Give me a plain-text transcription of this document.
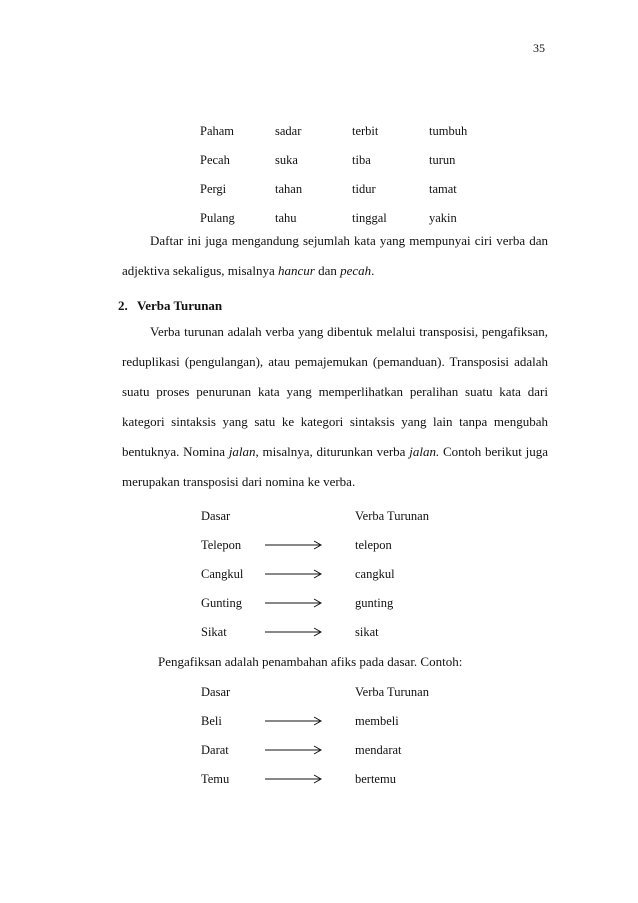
35
Paham	sadar	terbit	tumbuh
Pecah	suka	tiba	turun
Pergi	tahan	tidur	tamat
Pulang	tahu	tinggal	yakin

Daftar ini juga mengandung sejumlah kata yang mempunyai ciri verba dan adjektiva sekaligus, misalnya hancur dan pecah.

2. Verba Turunan

Verba turunan adalah verba yang dibentuk melalui transposisi, pengafiksan, reduplikasi (pengulangan), atau pemajemukan (pemanduan). Transposisi adalah suatu proses penurunan kata yang memperlihatkan peralihan suatu kata dari kategori sintaksis yang satu ke kategori sintaksis yang lain tanpa mengubah bentuknya. Nomina jalan, misalnya, diturunkan verba jalan. Contoh berikut juga merupakan transposisi dari nomina ke verba.

Dasar	Verba Turunan
Telepon	telepon
Cangkul	cangkul
Gunting	gunting
Sikat	sikat

Pengafiksan adalah penambahan afiks pada dasar. Contoh:

Dasar	Verba Turunan
Beli	membeli
Darat	mendarat
Temu	bertemu
